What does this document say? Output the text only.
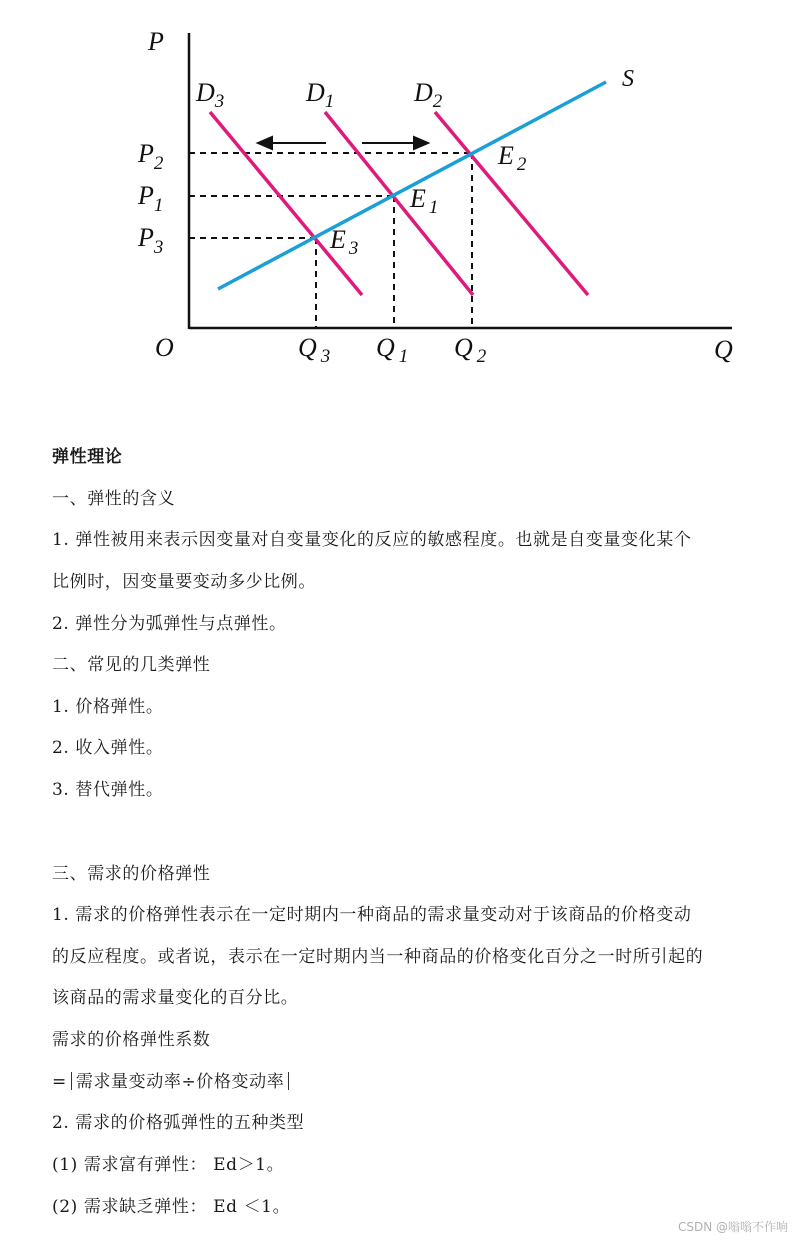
P
Q
O
$P_2$
$P_1$
$P_3$
Q $_3$ Q $_1$ Q $_2$
$D_3$	$D_1$	$D_2$
S
E $_2$
E $_1$
E $_3$
弹性理论
一、弹性的含义
1. 弹性被用来表示因变量对自变量变化的反应的敏感程度。也就是自变量变化某个
比例时，因变量要变动多少比例。
2. 弹性分为弧弹性与点弹性。
二、常见的几类弹性
1. 价格弹性。
2. 收入弹性。
3. 替代弹性。
三、需求的价格弹性
1. 需求的价格弹性表示在一定时期内一种商品的需求量变动对于该商品的价格变动
的反应程度。或者说，表示在一定时期内当一种商品的价格变化百分之一时所引起的
该商品的需求量变化的百分比。
需求的价格弹性系数
= 需求量变动率÷价格变动率
2. 需求的价格弧弹性的五种类型
(1) 需求富有弹性： Ed＞1。
(2) 需求缺乏弹性： Ed ＜1。
CSDN @嗡嗡不作响
